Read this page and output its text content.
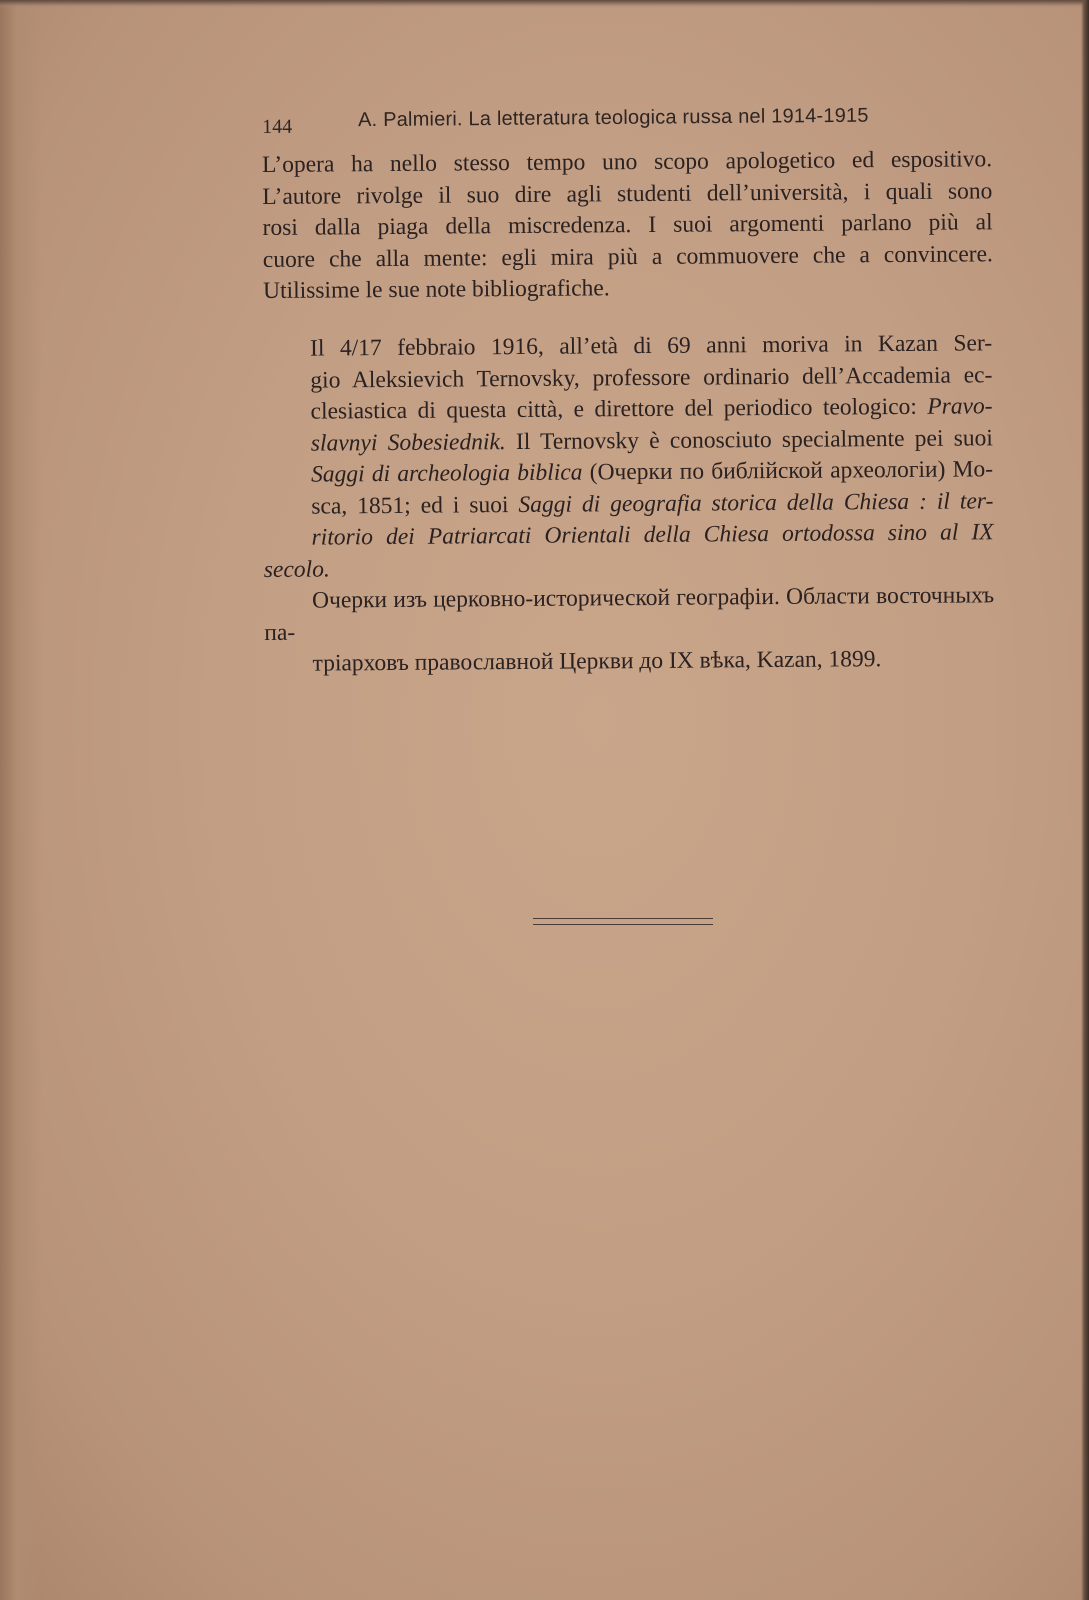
144	A. Palmieri. La letteratura teologica russa nel 1914-1915

L’opera ha nello stesso tempo uno scopo apologetico ed espositivo.
L’autore rivolge il suo dire agli studenti dell’università, i quali sono
rosi dalla piaga della miscredenza. I suoi argomenti parlano più al
cuore che alla mente: egli mira più a commuovere che a convincere.
Utilissime le sue note bibliografiche.

Il 4/17 febbraio 1916, all’età di 69 anni moriva in Kazan Ser-
gio Aleksievich Ternovsky, professore ordinario dell’Accademia ec-
clesiastica di questa città, e direttore del periodico teologico: Pravo-
slavnyi Sobesiednik. Il Ternovsky è conosciuto specialmente pei suoi
Saggi di archeologia biblica (Очерки по библійской археологіи) Mo-
sca, 1851; ed i suoi Saggi di geografia storica della Chiesa : il ter-
ritorio dei Patriarcati Orientali della Chiesa ortodossa sino al IX secolo.
Очерки изъ церковно-исторической географіи. Области восточныхъ па-
тріарховъ православной Церкви до IX вѣка, Kazan, 1899.
